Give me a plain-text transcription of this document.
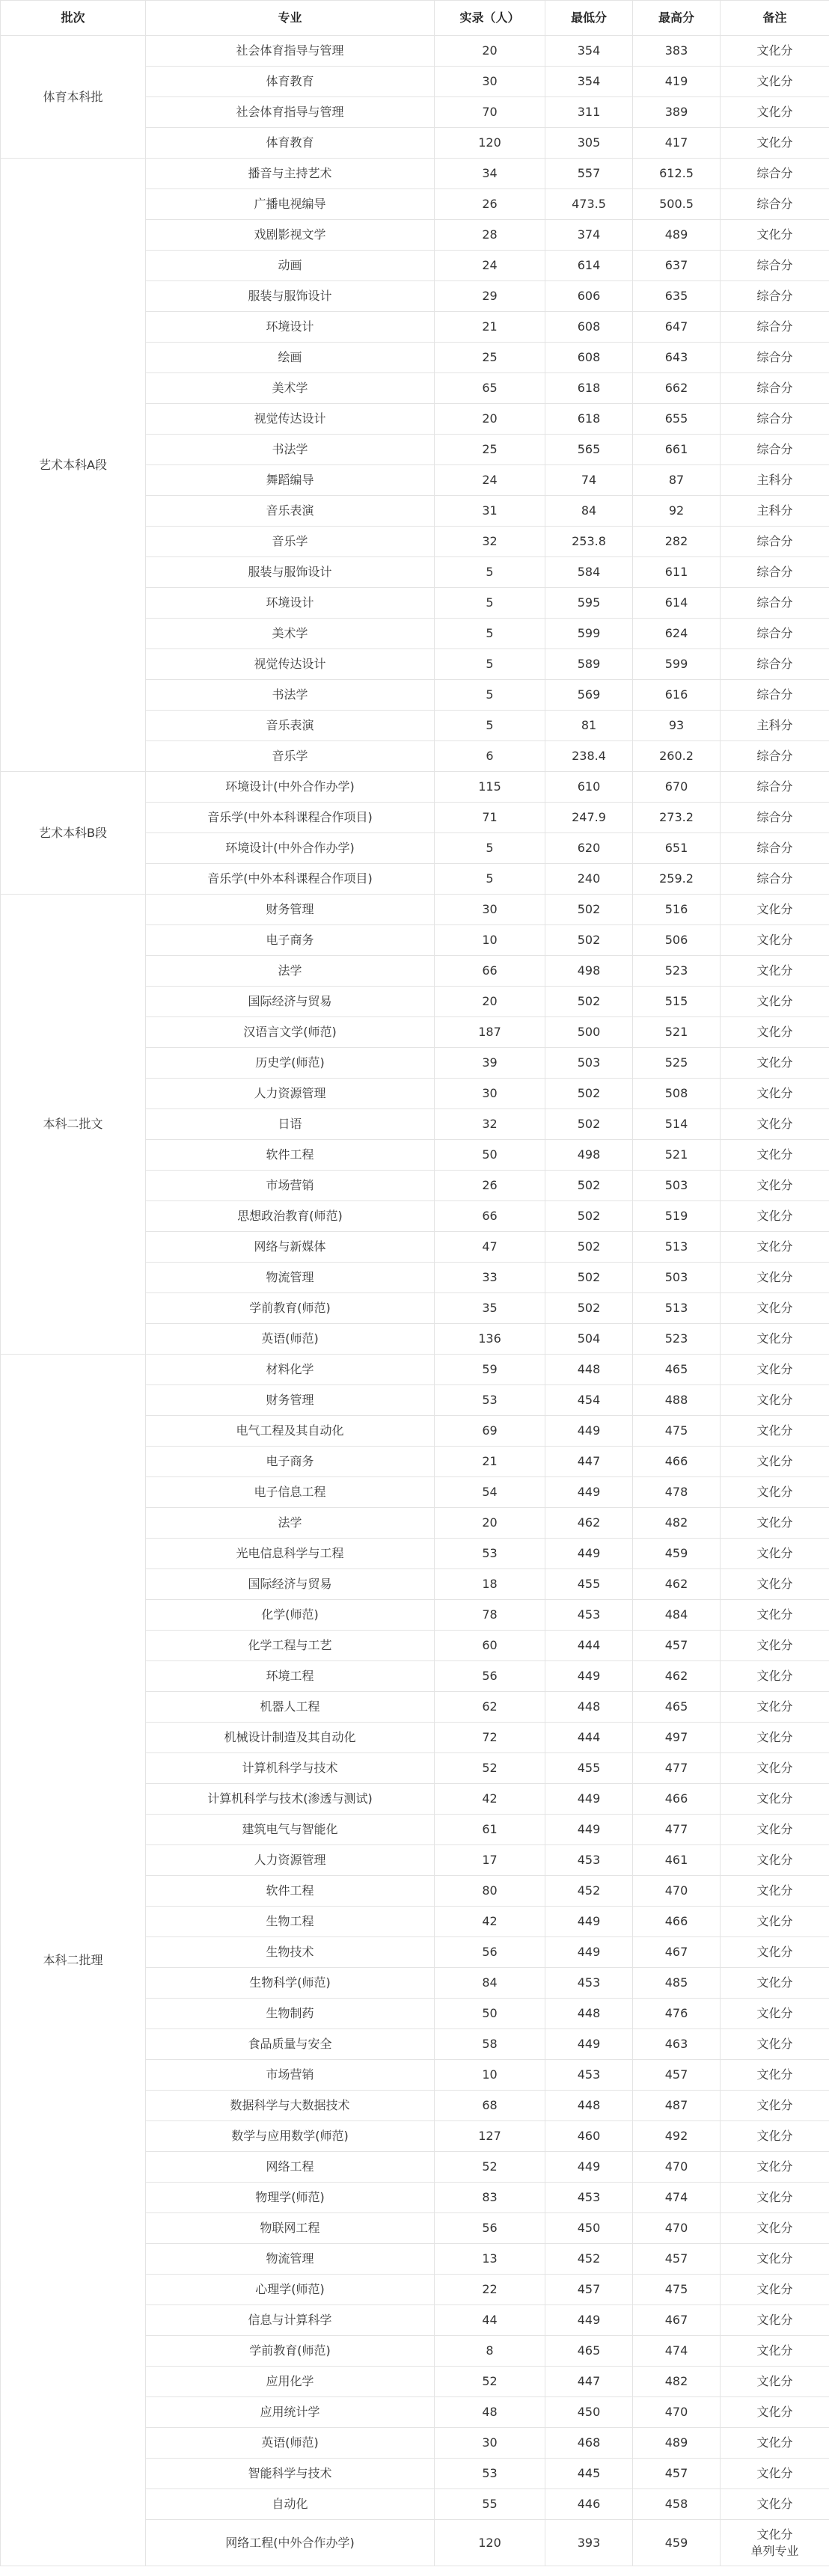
批次	专业	实录（人）	最低分	最高分	备注
体育本科批	社会体育指导与管理	20	354	383	文化分
	体育教育	30	354	419	文化分
	社会体育指导与管理	70	311	389	文化分
	体育教育	120	305	417	文化分
艺术本科A段	播音与主持艺术	34	557	612.5	综合分
	广播电视编导	26	473.5	500.5	综合分
	戏剧影视文学	28	374	489	文化分
	动画	24	614	637	综合分
	服装与服饰设计	29	606	635	综合分
	环境设计	21	608	647	综合分
	绘画	25	608	643	综合分
	美术学	65	618	662	综合分
	视觉传达设计	20	618	655	综合分
	书法学	25	565	661	综合分
	舞蹈编导	24	74	87	主科分
	音乐表演	31	84	92	主科分
	音乐学	32	253.8	282	综合分
	服装与服饰设计	5	584	611	综合分
	环境设计	5	595	614	综合分
	美术学	5	599	624	综合分
	视觉传达设计	5	589	599	综合分
	书法学	5	569	616	综合分
	音乐表演	5	81	93	主科分
	音乐学	6	238.4	260.2	综合分
艺术本科B段	环境设计(中外合作办学)	115	610	670	综合分
	音乐学(中外本科课程合作项目)	71	247.9	273.2	综合分
	环境设计(中外合作办学)	5	620	651	综合分
	音乐学(中外本科课程合作项目)	5	240	259.2	综合分
本科二批文	财务管理	30	502	516	文化分
	电子商务	10	502	506	文化分
	法学	66	498	523	文化分
	国际经济与贸易	20	502	515	文化分
	汉语言文学(师范)	187	500	521	文化分
	历史学(师范)	39	503	525	文化分
	人力资源管理	30	502	508	文化分
	日语	32	502	514	文化分
	软件工程	50	498	521	文化分
	市场营销	26	502	503	文化分
	思想政治教育(师范)	66	502	519	文化分
	网络与新媒体	47	502	513	文化分
	物流管理	33	502	503	文化分
	学前教育(师范)	35	502	513	文化分
	英语(师范)	136	504	523	文化分
本科二批理	材料化学	59	448	465	文化分
	财务管理	53	454	488	文化分
	电气工程及其自动化	69	449	475	文化分
	电子商务	21	447	466	文化分
	电子信息工程	54	449	478	文化分
	法学	20	462	482	文化分
	光电信息科学与工程	53	449	459	文化分
	国际经济与贸易	18	455	462	文化分
	化学(师范)	78	453	484	文化分
	化学工程与工艺	60	444	457	文化分
	环境工程	56	449	462	文化分
	机器人工程	62	448	465	文化分
	机械设计制造及其自动化	72	444	497	文化分
	计算机科学与技术	52	455	477	文化分
	计算机科学与技术(渗透与测试)	42	449	466	文化分
	建筑电气与智能化	61	449	477	文化分
	人力资源管理	17	453	461	文化分
	软件工程	80	452	470	文化分
	生物工程	42	449	466	文化分
	生物技术	56	449	467	文化分
	生物科学(师范)	84	453	485	文化分
	生物制药	50	448	476	文化分
	食品质量与安全	58	449	463	文化分
	市场营销	10	453	457	文化分
	数据科学与大数据技术	68	448	487	文化分
	数学与应用数学(师范)	127	460	492	文化分
	网络工程	52	449	470	文化分
	物理学(师范)	83	453	474	文化分
	物联网工程	56	450	470	文化分
	物流管理	13	452	457	文化分
	心理学(师范)	22	457	475	文化分
	信息与计算科学	44	449	467	文化分
	学前教育(师范)	8	465	474	文化分
	应用化学	52	447	482	文化分
	应用统计学	48	450	470	文化分
	英语(师范)	30	468	489	文化分
	智能科学与技术	53	445	457	文化分
	自动化	55	446	458	文化分
	网络工程(中外合作办学)	120	393	459	文化分
单列专业
